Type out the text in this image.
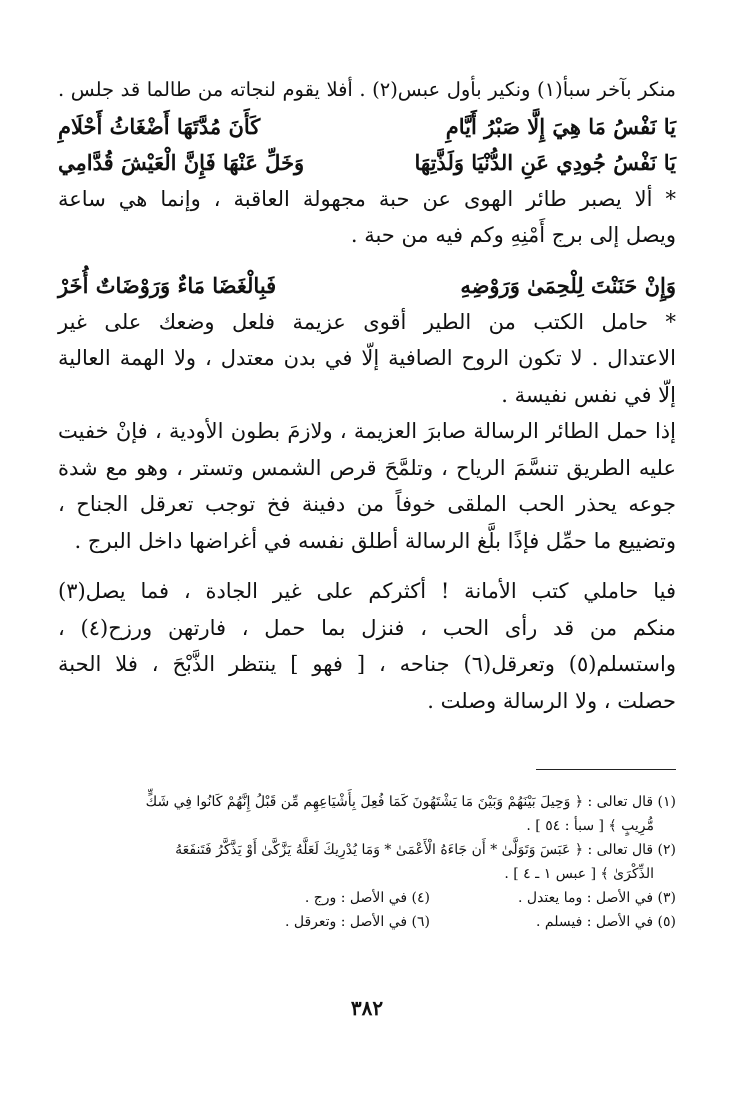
منكر بآخر سبأ(١) ونكير بأول عبس(٢) . أفلا يقوم لنجاته من طالما قد جلس .

يَا نَفْسُ مَا هِيَ إِلَّا صَبْرُ أَيَّامِ
كَأَنَ مُدَّتَهَا أَضْغَاثُ أَحْلَامِ
يَا نَفْسُ جُودِي عَنِ الدُّنْيَا وَلَذَّتِهَا
وَخَلِّ عَنْهَا فَإِنَّ الْعَيْشَ قُدَّامِي

* ألا يصبر طائر الهوى عن حبة مجهولة العاقبة ، وإنما هي ساعة

ويصل إلى برج أَمْنِهِ وكم فيه من حبة .

وَإِنْ حَنَنْتَ لِلْحِمَىٰ وَرَوْضِهِ
فَبِالْغَضَا مَاءٌ وَرَوْضَاتٌ أُخَرْ

* حامل الكتب من الطير أقوى عزيمة فلعل وضعك على غير

الاعتدال . لا تكون الروح الصافية إلّا في بدن معتدل ، ولا الهمة العالية

إلّا في نفس نفيسة .

إذا حمل الطائر الرسالة صابرَ العزيمة ، ولازمَ بطون الأودية ، فإنْ خفيت

عليه الطريق تنسَّمَ الرياح ، وتلمَّحَ قرص الشمس وتستر ، وهو مع شدة

جوعه يحذر الحب الملقى خوفاً من دفينة فخ توجب تعرقل الجناح ،

وتضييع ما حمِّل فإذًا بلَّغ الرسالة أطلق نفسه في أغراضها داخل البرج .

فيا حاملي كتب الأمانة ! أكثركم على غير الجادة ، فما يصل(٣)

منكم من قد رأى الحب ، فنزل بما حمل ، فارتهن ورزح(٤) ،

واستسلم(٥) وتعرقل(٦) جناحه ، [ فهو ] ينتظر الذَّبْحَ ، فلا الحبة

حصلت ، ولا الرسالة وصلت .

(١) قال تعالى : ﴿ وَحِيلَ بَيْنَهُمْ وَبَيْنَ مَا يَشْتَهُونَ كَمَا فُعِلَ بِأَشْيَاعِهِم مِّن قَبْلُ إِنَّهُمْ كَانُوا فِي شَكٍّ
مُّرِيبٍ ﴾ [ سبأ : ٥٤ ] .
(٢) قال تعالى : ﴿ عَبَسَ وَتَوَلَّىٰ * أَن جَاءَهُ الْأَعْمَىٰ * وَمَا يُدْرِيكَ لَعَلَّهُ يَزَّكَّىٰ أَوْ يَذَّكَّرُ فَتَنفَعَهُ
الذِّكْرَىٰ ﴾ [ عبس ١ ـ ٤ ] .
(٣) في الأصل : وما يعتدل .
(٤) في الأصل : ورج .
(٥) في الأصل : فيسلم .
(٦) في الأصل : وتعرقل .
٣٨٢
